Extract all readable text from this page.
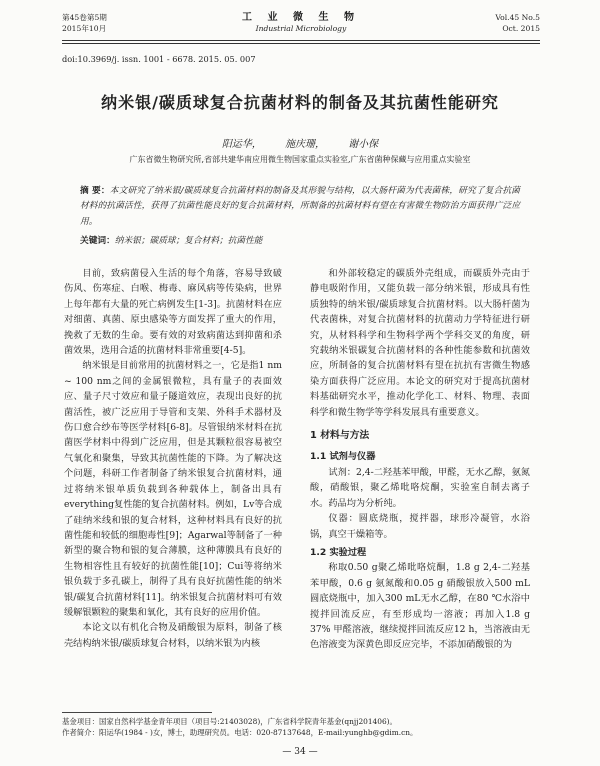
第45卷第5期
2015年10月
工 业 微 生 物
Industrial Microbiology
Vol.45 No.5
Oct. 2015
doi:10.3969/j. issn. 1001 - 6678. 2015. 05. 007
纳米银/碳质球复合抗菌材料的制备及其抗菌性能研究
阳运华， 施庆珊， 谢小保
广东省微生物研究所,省部共建华南应用微生物国家重点实验室,广东省菌种保藏与应用重点实验室
摘 要：本文研究了纳米银/碳质球复合抗菌材料的制备及其形貌与结构，以大肠杆菌为代表菌株，研究了复合抗菌材料的抗菌活性，获得了抗菌性能良好的复合抗菌材料，所制备的抗菌材料有望在有害微生物防治方面获得广泛应用。
关键词：纳米银；碳质球；复合材料；抗菌性能

目前，致病菌侵入生活的每个角落，容易导致破伤风、伤寒症、白喉、梅毒、麻风病等传染病，世界上每年都有大量的死亡病例发生[1-3]。抗菌材料在应对细菌、真菌、原虫感染等方面发挥了重大的作用，挽救了无数的生命。要有效的对致病菌达到抑菌和杀菌效果，选用合适的抗菌材料非常重要[4-5]。

纳米银是目前常用的抗菌材料之一，它是指1 nm ~ 100 nm之间的金属银微粒，具有量子的表面效应、量子尺寸效应和量子隧道效应，表现出良好的抗菌活性，被广泛应用于导管和支架、外科手术器材及伤口愈合纱布等医学材料[6-8]。尽管银纳米材料在抗菌医学材料中得到广泛应用，但是其颗粒很容易被空气氧化和聚集，导致其抗菌性能的下降。为了解决这个问题，科研工作者制备了纳米银复合抗菌材料，通过将纳米银单质负载到各种载体上，制备出具有everything复性能的复合抗菌材料。例如，Lv等合成了硅纳米线和银的复合材料，这种材料具有良好的抗菌性能和较低的细胞毒性[9]；Agarwal等制备了一种新型的聚合物和银的复合薄膜，这种薄膜具有良好的生物相容性且有较好的抗菌性能[10]；Cui等将纳米银负载于多孔碳上，制得了具有良好抗菌性能的纳米银/碳复合抗菌材料[11]。纳米银复合抗菌材料可有效缓解银颗粒的聚集和氧化，其有良好的应用价值。

本论文以有机化合物及硝酸银为原料，制备了核壳结构纳米银/碳质球复合材料，以纳米银为内核

和外部较稳定的碳质外壳组成，而碳质外壳由于静电吸附作用，又能负载一部分纳米银，形成具有性质独特的纳米银/碳质球复合抗菌材料。以大肠杆菌为代表菌株，对复合抗菌材料的抗菌动力学特征进行研究，从材料科学和生物科学两个学科交叉的角度，研究载纳米银碳复合抗菌材料的各种性能参数和抗菌效应，所制备的复合抗菌材料有望在抗抗有害微生物感染方面获得广泛应用。本论文的研究对于提高抗菌材料基础研究水平，推动化学化工、材料、物理、表面科学和微生物学等学科发展具有重要意义。

1 材料与方法
1.1 试剂与仪器

试剂：2,4-二羟基苯甲酸，甲醛，无水乙醇，氨氮酸，硝酸银，聚乙烯吡咯烷酮，实验室自制去离子水。药品均为分析纯。

仪器：圆底烧瓶，搅拌器，球形冷凝管，水浴锅，真空干燥箱等。

1.2 实验过程

称取0.50 g聚乙烯吡咯烷酮，1.8 g 2,4-二羟基苯甲酸，0.6 g 氨氮酸和0.05 g 硝酸银放入500 mL圆底烧瓶中，加入300 mL无水乙醇，在80 ℃水浴中搅拌回流反应，有至形成均一溶液；再加入1.8 g 37% 甲醛溶液，继续搅拌回流反应12 h，当溶液由无色溶液变为深黄色即反应完毕，不添加硝酸银的为

基金项目：国家自然科学基金青年项目（项目号:21403028)，广东省科学院青年基金(qnjj201406)。
作者简介：阳运华(1984 - )女，博士，助理研究员。电话：020-87137648，E-mail:yunghb@gdim.cn。
— 34 —
